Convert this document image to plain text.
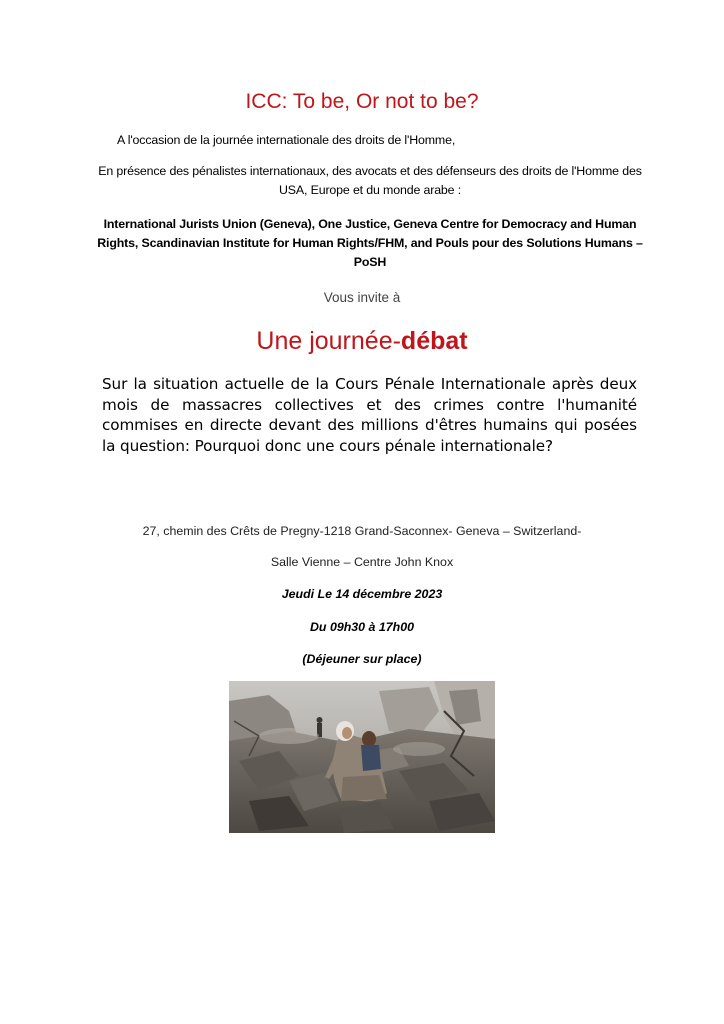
ICC: To be, Or not to be?
A l'occasion de la journée internationale des droits de l'Homme,
En présence des pénalistes internationaux, des avocats et des défenseurs des droits de l'Homme des USA, Europe et du monde arabe :
International Jurists Union (Geneva), One Justice, Geneva Centre for Democracy and Human Rights, Scandinavian Institute for Human Rights/FHM, and Pouls pour des Solutions Humans – PoSH
Vous invite à
Une journée-débat
Sur la situation actuelle de la Cours Pénale Internationale après deux mois de massacres collectives et des crimes contre l'humanité commises en directe devant des millions d'êtres humains qui posées la question: Pourquoi donc une cours pénale internationale?
27, chemin des Crêts de Pregny-1218 Grand-Saconnex- Geneva – Switzerland-
Salle Vienne – Centre John Knox
Jeudi Le 14 décembre 2023
Du 09h30 à 17h00
(Déjeuner sur place)
